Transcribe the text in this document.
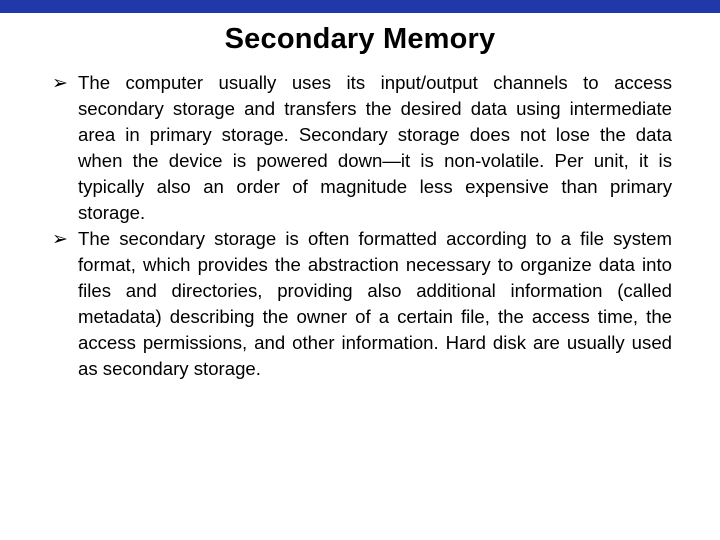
Secondary Memory
➢ The computer usually uses its input/output channels to access secondary storage and transfers the desired data using intermediate area in primary storage. Secondary storage does not lose the data when the device is powered down—it is non-volatile. Per unit, it is typically also an order of magnitude less expensive than primary storage.
➢ The secondary storage is often formatted according to a file system format, which provides the abstraction necessary to organize data into files and directories, providing also additional information (called metadata) describing the owner of a certain file, the access time, the access permissions, and other information. Hard disk are usually used as secondary storage.
